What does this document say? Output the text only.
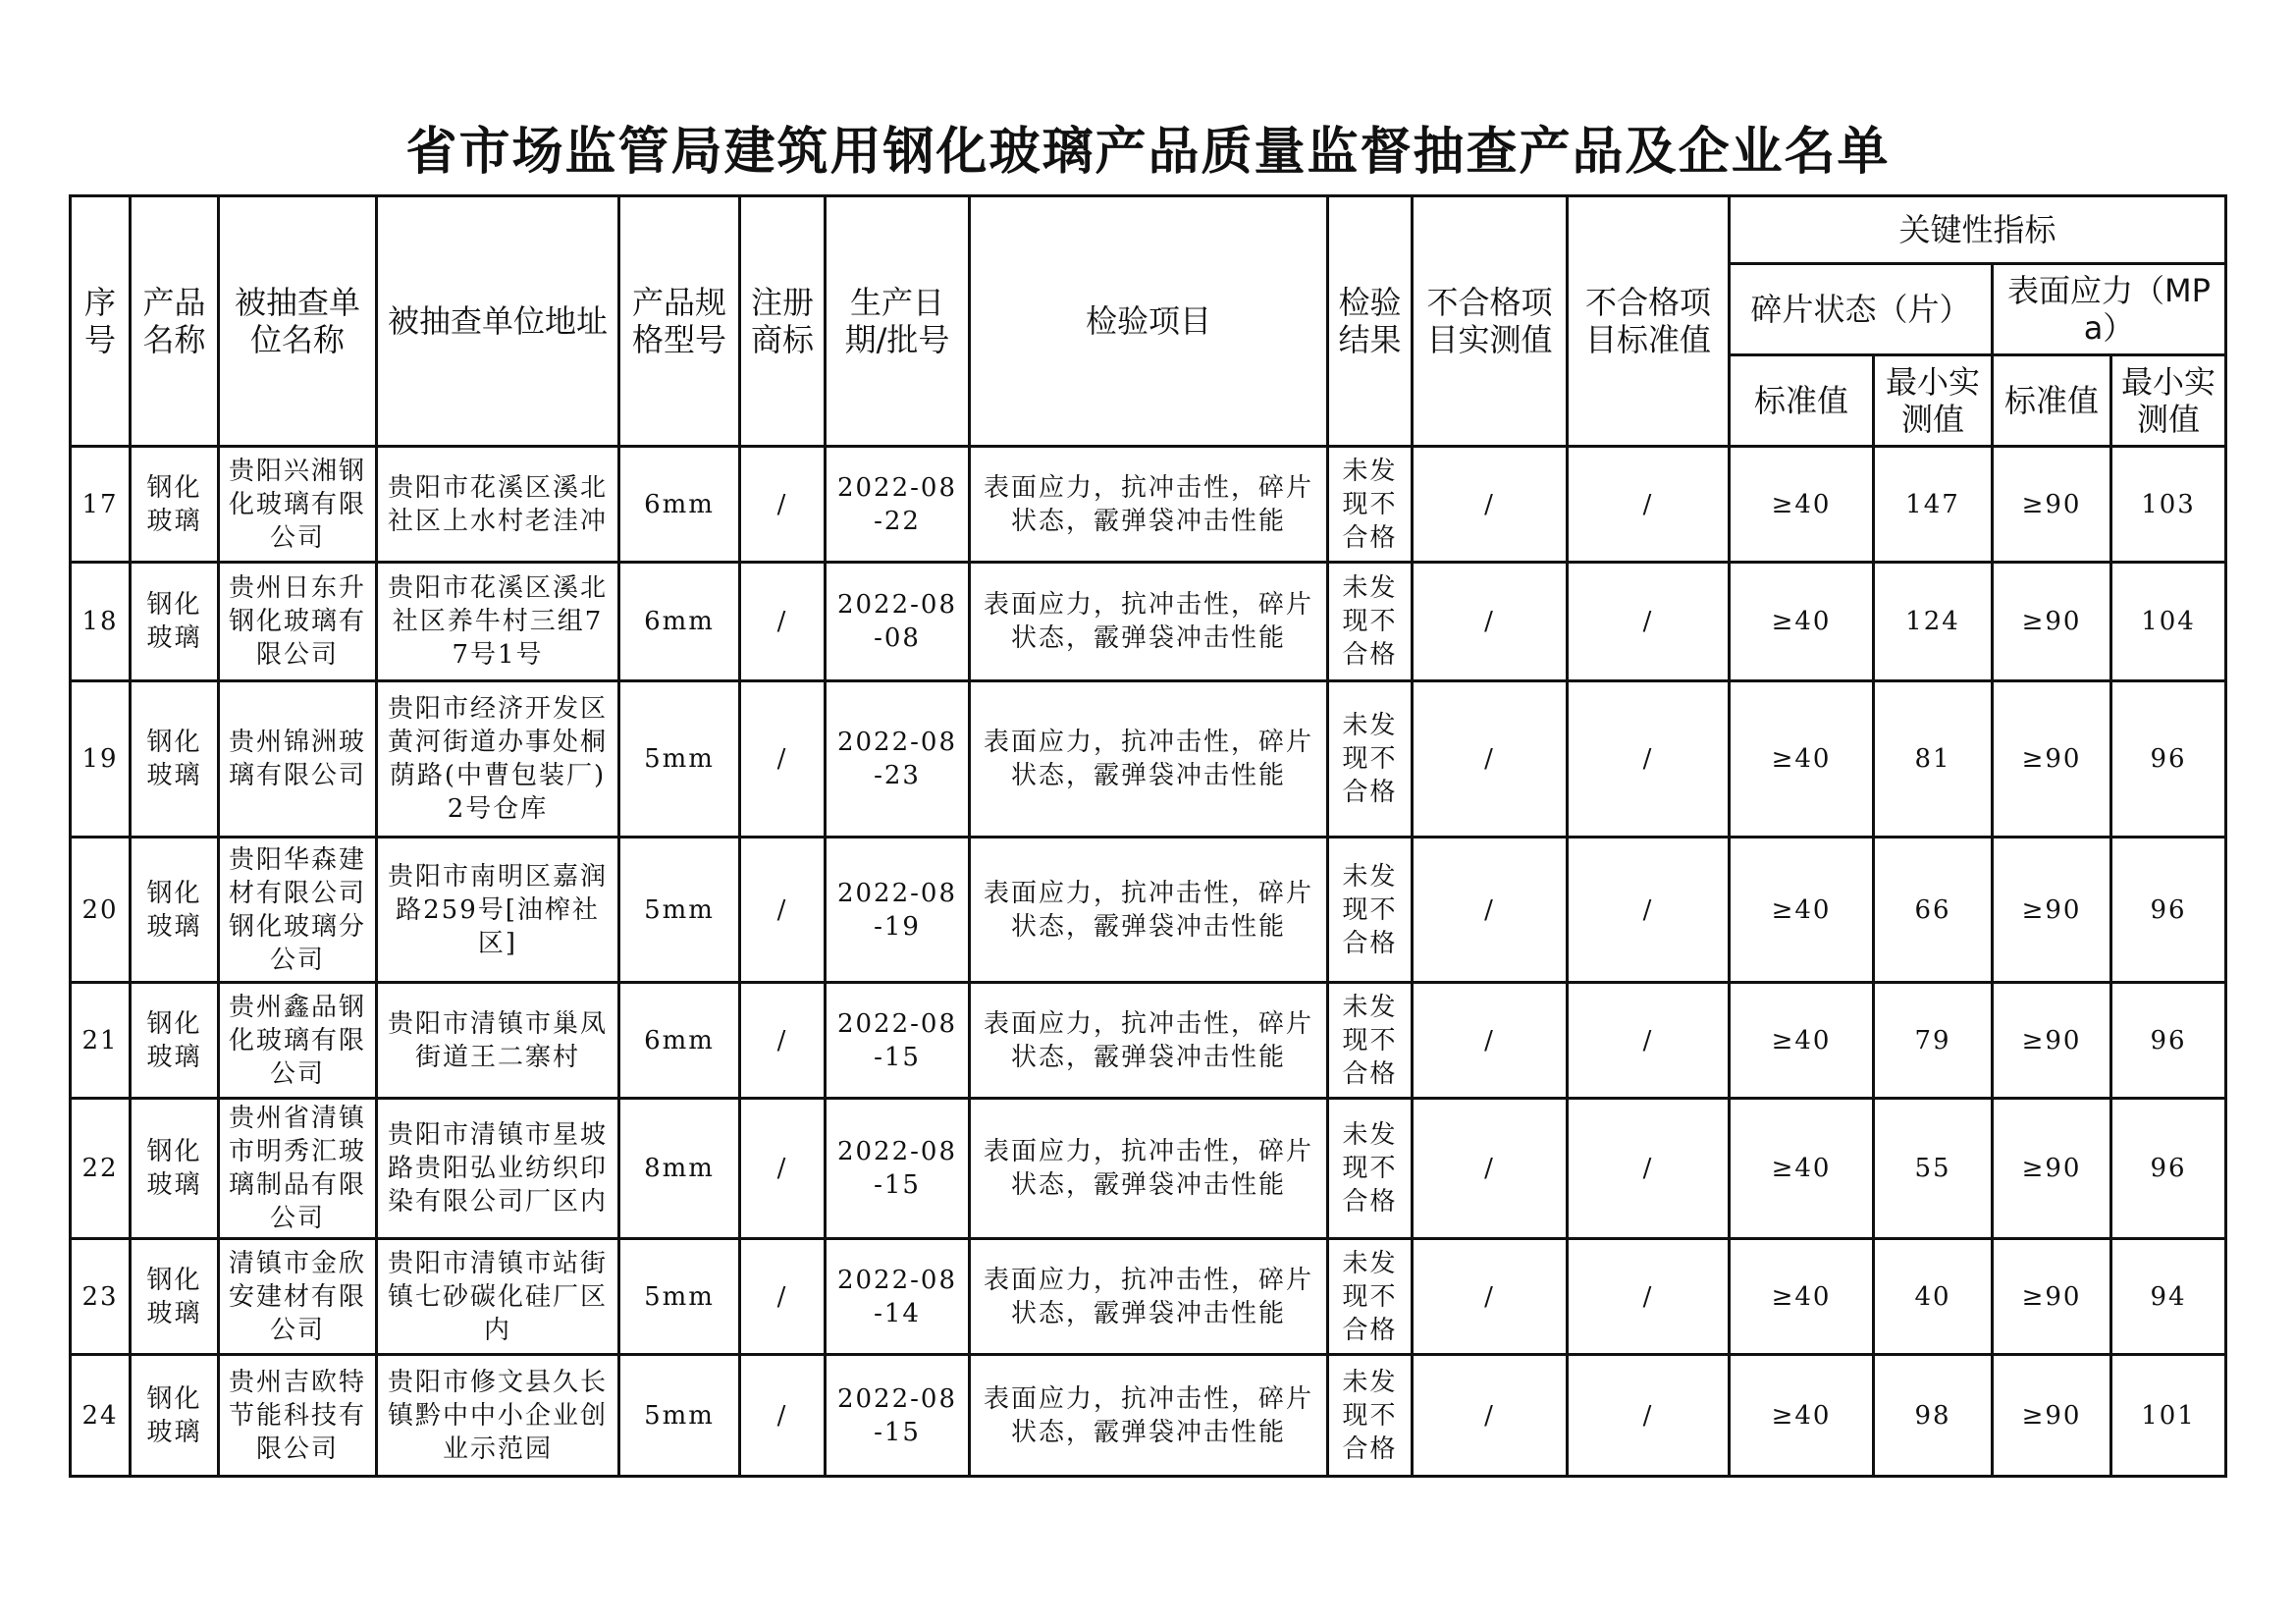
省市场监管局建筑用钢化玻璃产品质量监督抽查产品及企业名单
序号	产品名称	被抽查单位名称	被抽查单位地址	产品规格型号	注册商标	生产日期/批号	检验项目	检验结果	不合格项目实测值	不合格项目标准值	关键性指标			
											碎片状态（片）		表面应力（MPa）	
											标准值	最小实测值	标准值	最小实测值
17	钢化玻璃	贵阳兴湘钢化玻璃有限公司	贵阳市花溪区溪北社区上水村老洼冲	6mm	/	2022-08-22	表面应力，抗冲击性，碎片状态，霰弹袋冲击性能	未发现不合格	/	/	≥40	147	≥90	103
18	钢化玻璃	贵州日东升钢化玻璃有限公司	贵阳市花溪区溪北社区养牛村三组77号1号	6mm	/	2022-08-08	表面应力，抗冲击性，碎片状态，霰弹袋冲击性能	未发现不合格	/	/	≥40	124	≥90	104
19	钢化玻璃	贵州锦洲玻璃有限公司	贵阳市经济开发区黄河街道办事处桐荫路(中曹包装厂)2号仓库	5mm	/	2022-08-23	表面应力，抗冲击性，碎片状态，霰弹袋冲击性能	未发现不合格	/	/	≥40	81	≥90	96
20	钢化玻璃	贵阳华森建材有限公司钢化玻璃分公司	贵阳市南明区嘉润路259号[油榨社区]	5mm	/	2022-08-19	表面应力，抗冲击性，碎片状态，霰弹袋冲击性能	未发现不合格	/	/	≥40	66	≥90	96
21	钢化玻璃	贵州鑫品钢化玻璃有限公司	贵阳市清镇市巢凤街道王二寨村	6mm	/	2022-08-15	表面应力，抗冲击性，碎片状态，霰弹袋冲击性能	未发现不合格	/	/	≥40	79	≥90	96
22	钢化玻璃	贵州省清镇市明秀汇玻璃制品有限公司	贵阳市清镇市星坡路贵阳弘业纺织印染有限公司厂区内	8mm	/	2022-08-15	表面应力，抗冲击性，碎片状态，霰弹袋冲击性能	未发现不合格	/	/	≥40	55	≥90	96
23	钢化玻璃	清镇市金欣安建材有限公司	贵阳市清镇市站街镇七砂碳化硅厂区内	5mm	/	2022-08-14	表面应力，抗冲击性，碎片状态，霰弹袋冲击性能	未发现不合格	/	/	≥40	40	≥90	94
24	钢化玻璃	贵州吉欧特节能科技有限公司	贵阳市修文县久长镇黔中中小企业创业示范园	5mm	/	2022-08-15	表面应力，抗冲击性，碎片状态，霰弹袋冲击性能	未发现不合格	/	/	≥40	98	≥90	101
